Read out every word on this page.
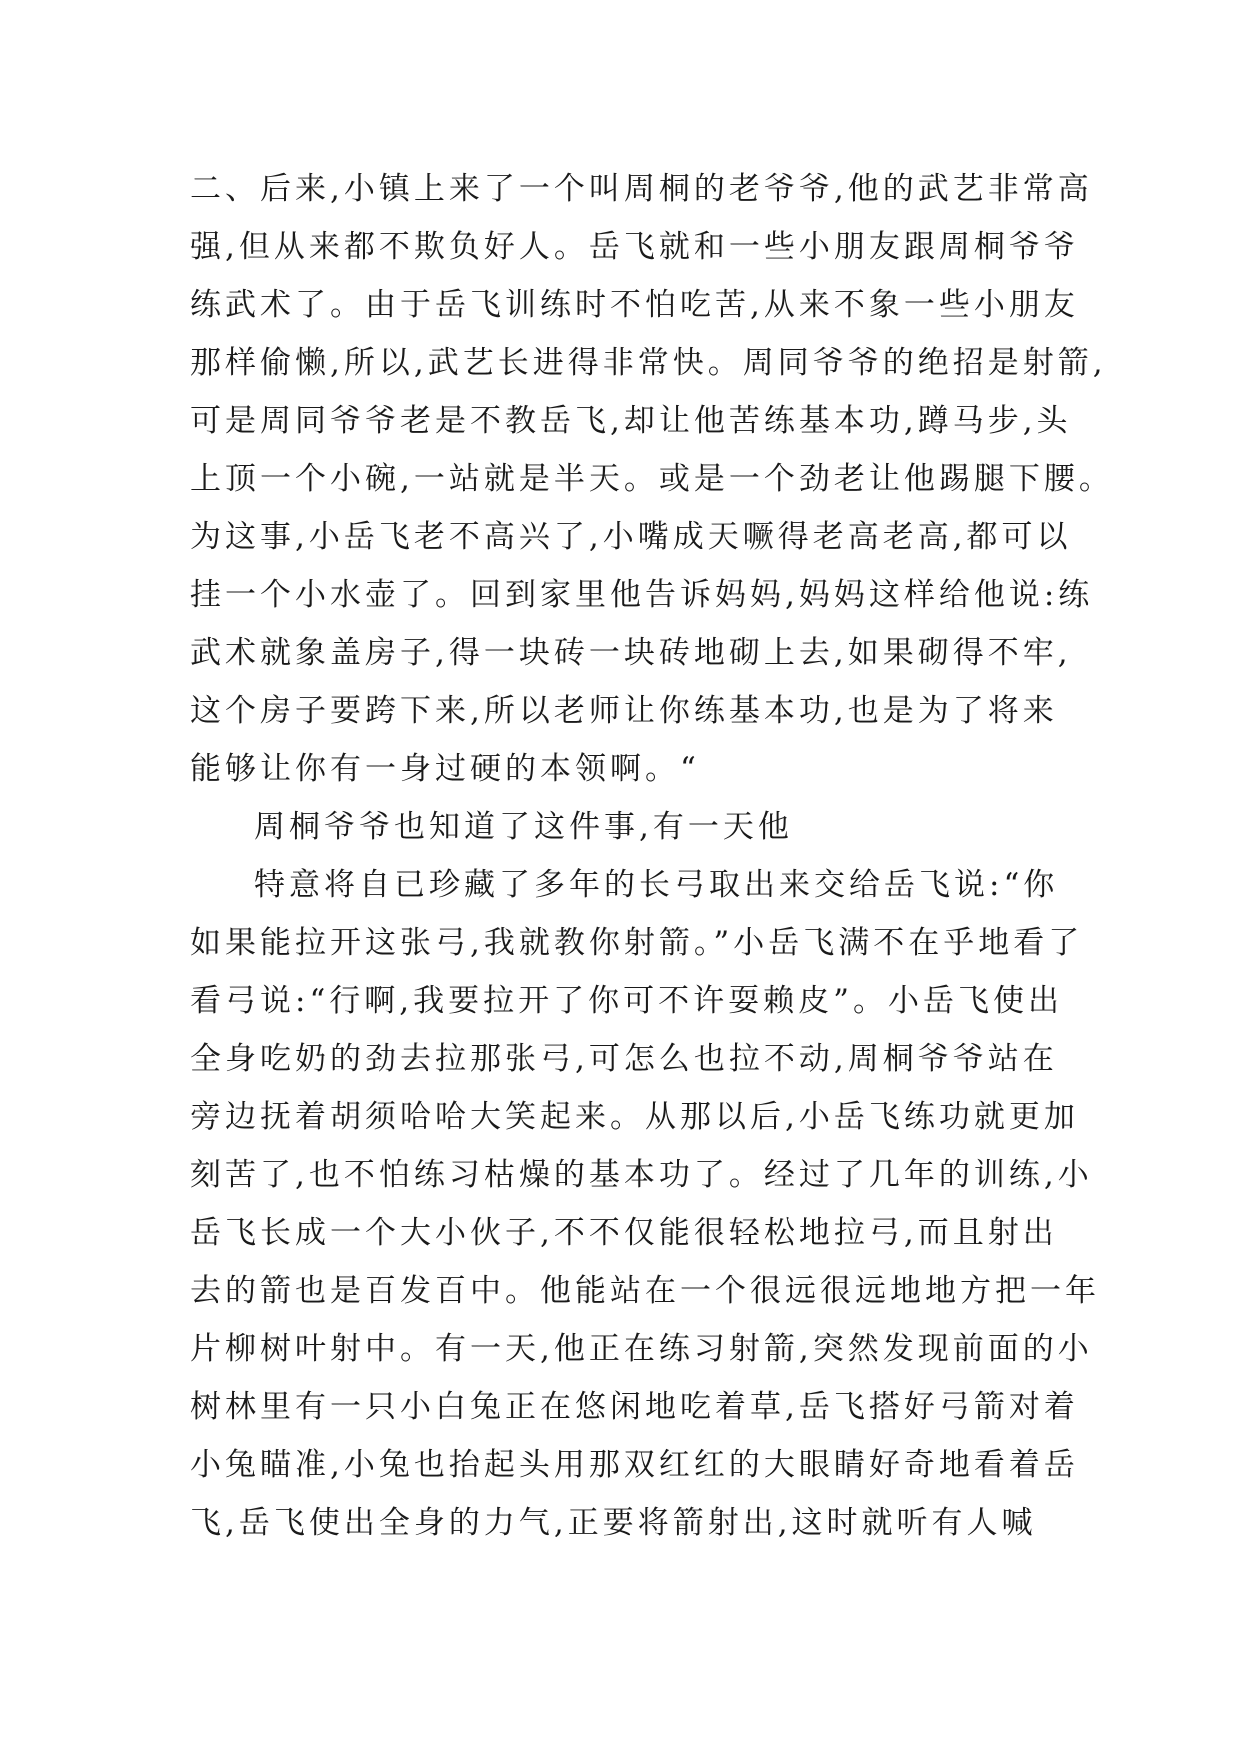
二、后来,小镇上来了一个叫周桐的老爷爷,他的武艺非常高
强,但从来都不欺负好人。岳飞就和一些小朋友跟周桐爷爷
练武术了。由于岳飞训练时不怕吃苦,从来不象一些小朋友
那样偷懒,所以,武艺长进得非常快。周同爷爷的绝招是射箭,
可是周同爷爷老是不教岳飞,却让他苦练基本功,蹲马步,头
上顶一个小碗,一站就是半天。或是一个劲老让他踢腿下腰。
为这事,小岳飞老不高兴了,小嘴成天噘得老高老高,都可以
挂一个小水壶了。回到家里他告诉妈妈,妈妈这样给他说:练
武术就象盖房子,得一块砖一块砖地砌上去,如果砌得不牢,
这个房子要跨下来,所以老师让你练基本功,也是为了将来
能够让你有一身过硬的本领啊。“
周桐爷爷也知道了这件事,有一天他
特意将自已珍藏了多年的长弓取出来交给岳飞说:“你
如果能拉开这张弓,我就教你射箭。”小岳飞满不在乎地看了
看弓说:“行啊,我要拉开了你可不许耍赖皮”。小岳飞使出
全身吃奶的劲去拉那张弓,可怎么也拉不动,周桐爷爷站在
旁边抚着胡须哈哈大笑起来。从那以后,小岳飞练功就更加
刻苦了,也不怕练习枯燥的基本功了。经过了几年的训练,小
岳飞长成一个大小伙子,不不仅能很轻松地拉弓,而且射出
去的箭也是百发百中。他能站在一个很远很远地地方把一年
片柳树叶射中。有一天,他正在练习射箭,突然发现前面的小
树林里有一只小白兔正在悠闲地吃着草,岳飞搭好弓箭对着
小兔瞄准,小兔也抬起头用那双红红的大眼睛好奇地看着岳
飞,岳飞使出全身的力气,正要将箭射出,这时就听有人喊
